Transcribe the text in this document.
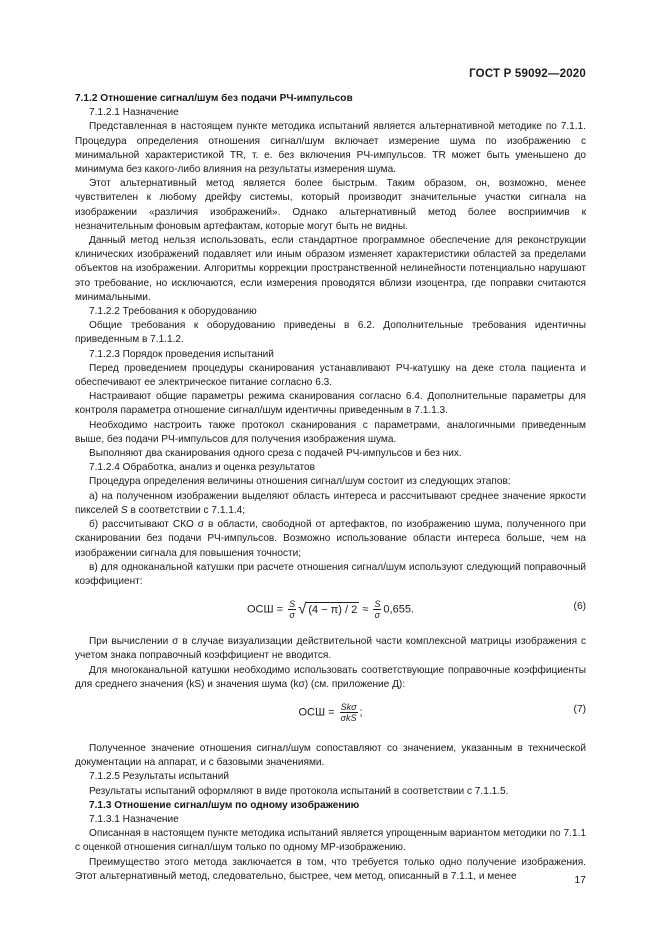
ГОСТ Р 59092—2020

7.1.2 Отношение сигнал/шум без подачи РЧ-импульсов

7.1.2.1 Назначение

Представленная в настоящем пункте методика испытаний является альтернативной методике по 7.1.1. Процедура определения отношения сигнал/шум включает измерение шума по изображению с минимальной характеристикой TR, т. е. без включения РЧ-импульсов. TR может быть уменьшено до минимума без какого-либо влияния на результаты измерения шума.

Этот альтернативный метод является более быстрым. Таким образом, он, возможно, менее чувствителен к любому дрейфу системы, который производит значительные участки сигнала на изображении «различия изображений». Однако альтернативный метод более восприимчив к незначительным фоновым артефактам, которые могут быть не видны.

Данный метод нельзя использовать, если стандартное программное обеспечение для реконструкции клинических изображений подавляет или иным образом изменяет характеристики областей за пределами объектов на изображении. Алгоритмы коррекции пространственной нелинейности потенциально нарушают это требование, но исключаются, если измерения проводятся вблизи изоцентра, где поправки считаются минимальными.

7.1.2.2 Требования к оборудованию

Общие требования к оборудованию приведены в 6.2. Дополнительные требования идентичны приведенным в 7.1.1.2.

7.1.2.3 Порядок проведения испытаний

Перед проведением процедуры сканирования устанавливают РЧ-катушку на деке стола пациента и обеспечивают ее электрическое питание согласно 6.3.

Настраивают общие параметры режима сканирования согласно 6.4. Дополнительные параметры для контроля параметра отношение сигнал/шум идентичны приведенным в 7.1.1.3.

Необходимо настроить также протокол сканирования с параметрами, аналогичными приведенным выше, без подачи РЧ-импульсов для получения изображения шума.

Выполняют два сканирования одного среза с подачей РЧ-импульсов и без них.

7.1.2.4 Обработка, анализ и оценка результатов

Процедура определения величины отношения сигнал/шум состоит из следующих этапов:

а) на полученном изображении выделяют область интереса и рассчитывают среднее значение яркости пикселей S в соответствии с 7.1.1.4;

б) рассчитывают СКО σ в области, свободной от артефактов, по изображению шума, полученного при сканировании без подачи РЧ-импульсов. Возможно использование области интереса больше, чем на изображении сигнала для повышения точности;

в) для одноканальной катушки при расчете отношения сигнал/шум используют следующий поправочный коэффициент:

ОСШ = $\frac{S}{\sigma}$ √ $(4 - \pi) / 2 \approx \frac{S}{\sigma} 0,655$.	(6)

При вычислении σ в случае визуализации действительной части комплексной матрицы изображения с учетом знака поправочный коэффициент не вводится.

Для многоканальной катушки необходимо использовать соответствующие поправочные коэффициенты для среднего значения (kS) и значения шума (kσ) (см. приложение Д):

ОСШ = $\frac{\text{Skσ}}{\text{σkS}}$ ;	(7)

Полученное значение отношения сигнал/шум сопоставляют со значением, указанным в технической документации на аппарат, и с базовыми значениями.

7.1.2.5 Результаты испытаний

Результаты испытаний оформляют в виде протокола испытаний в соответствии с 7.1.1.5.

7.1.3 Отношение сигнал/шум по одному изображению

7.1.3.1 Назначение

Описанная в настоящем пункте методика испытаний является упрощенным вариантом методики по 7.1.1 с оценкой отношения сигнал/шум только по одному МР-изображению.

Преимущество этого метода заключается в том, что требуется только одно получение изображения. Этот альтернативный метод, следовательно, быстрее, чем метод, описанный в 7.1.1, и менее	17
